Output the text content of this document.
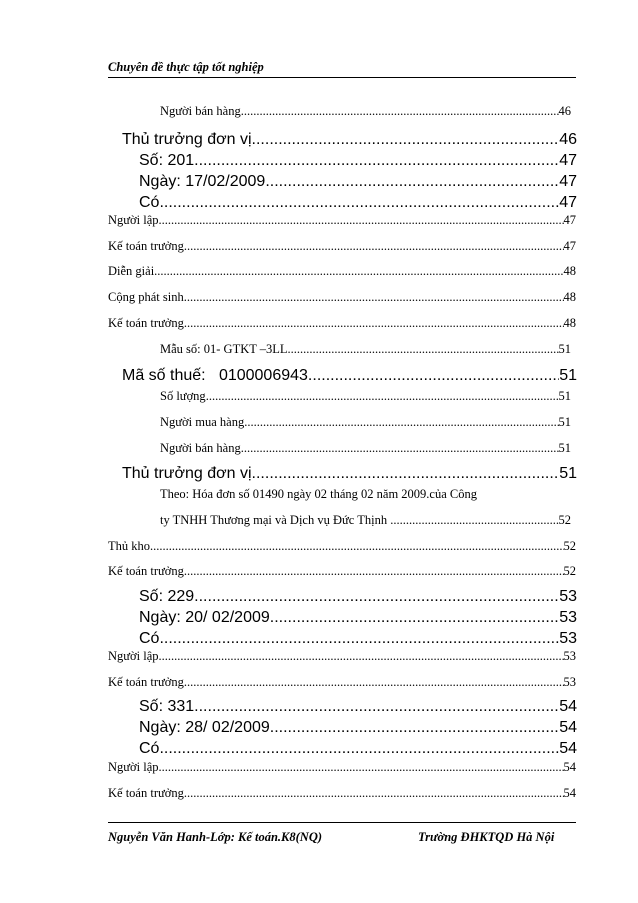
Chuyên đề thực tập tốt nghiệp
Người bán hàng .....	46
Thủ trưởng đơn vị .....	46
Số: 201 .....	47
Ngày: 17/02/2009 .....	47
Có .....	47
Người lập .....	47
Kế toán trưởng .....	47
Diễn giải .....	48
Cộng phát sinh .....	48
Kế toán trưởng .....	48
Mẫu số: 01- GTKT –3LL .....	51
Mã số thuế:   0100006943 .....	51
Số lượng .....	51
Người mua hàng .....	51
Người bán hàng .....	51
Thủ trưởng đơn vị .....	51
Theo: Hóa đơn số 01490 ngày 02 tháng 02 năm 2009.của Công
ty TNHH Thương mại và Dịch vụ Đức Thịnh .....	52
Thủ kho .....	52
Kế toán trưởng .....	52
Số: 229 .....	53
Ngày: 20/ 02/2009 .....	53
Có .....	53
Người lập .....	53
Kế toán trưởng .....	53
Số: 331 .....	54
Ngày: 28/ 02/2009 .....	54
Có .....	54
Người lập .....	54
Kế toán trưởng .....	54
Nguyễn Văn Hanh-Lớp: Kế toán.K8(NQ)	Trường ĐHKTQD Hà Nội
